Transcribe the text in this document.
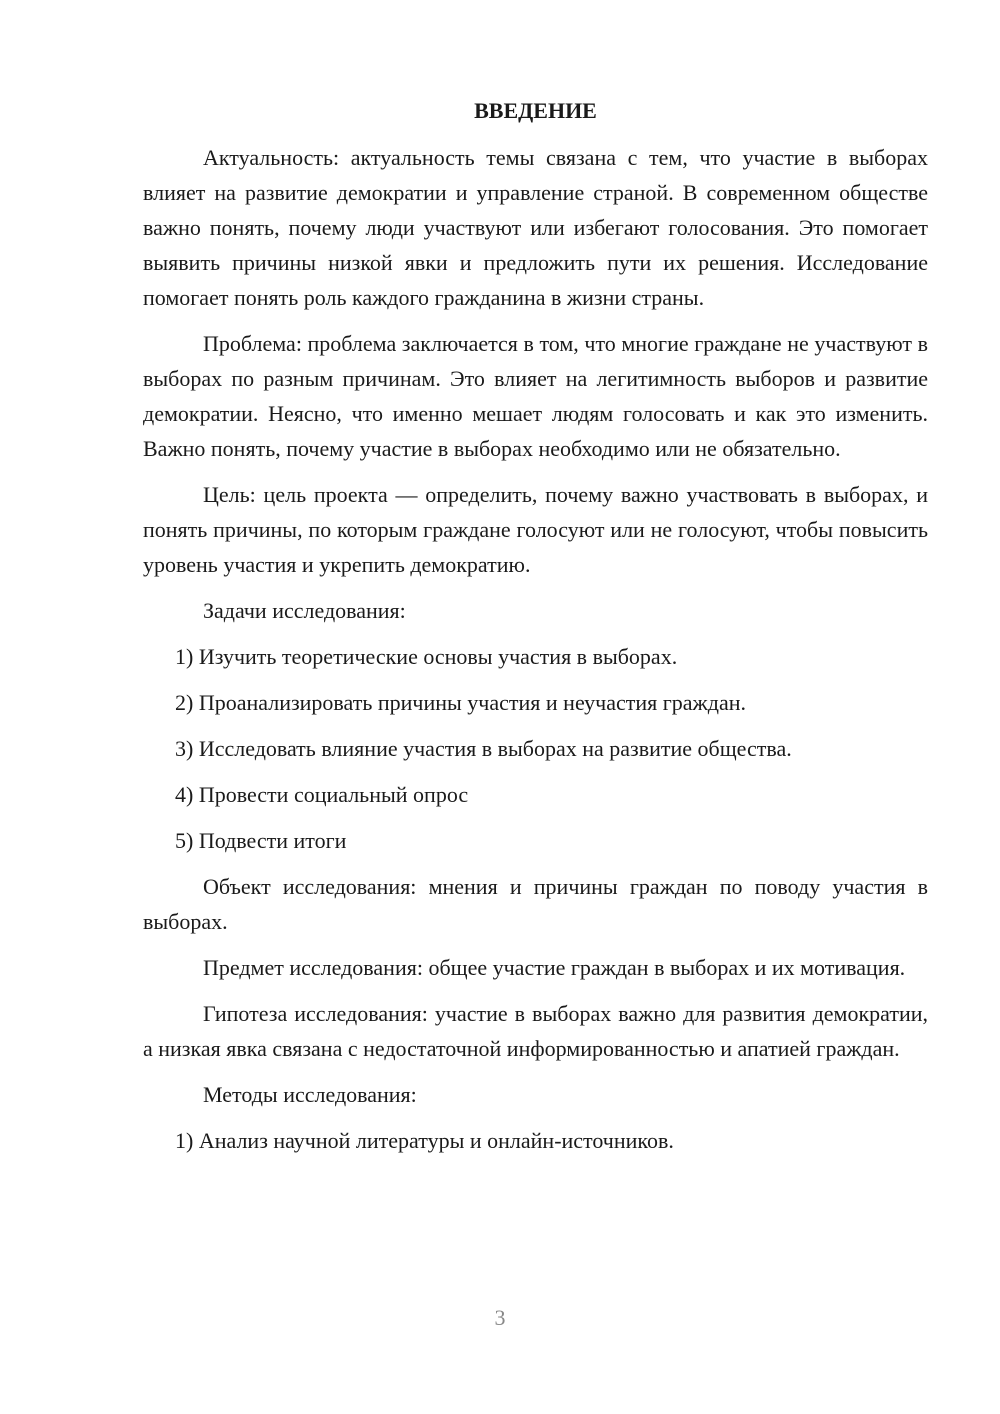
ВВЕДЕНИЕ

Актуальность: актуальность темы связана с тем, что участие в выборах влияет на развитие демократии и управление страной. В современном обществе важно понять, почему люди участвуют или избегают голосования. Это помогает выявить причины низкой явки и предложить пути их решения. Исследование помогает понять роль каждого гражданина в жизни страны.

Проблема: проблема заключается в том, что многие граждане не участвуют в выборах по разным причинам. Это влияет на легитимность выборов и развитие демократии. Неясно, что именно мешает людям голосовать и как это изменить. Важно понять, почему участие в выборах необходимо или не обязательно.

Цель: цель проекта — определить, почему важно участвовать в выборах, и понять причины, по которым граждане голосуют или не голосуют, чтобы повысить уровень участия и укрепить демократию.

Задачи исследования:

1) Изучить теоретические основы участия в выборах.

2) Проанализировать причины участия и неучастия граждан.

3) Исследовать влияние участия в выборах на развитие общества.

4) Провести социальный опрос

5) Подвести итоги

Объект исследования: мнения и причины граждан по поводу участия в выборах.

Предмет исследования: общее участие граждан в выборах и их мотивация.

Гипотеза исследования: участие в выборах важно для развития демократии, а низкая явка связана с недостаточной информированностью и апатией граждан.

Методы исследования:

1) Анализ научной литературы и онлайн-источников.

3
